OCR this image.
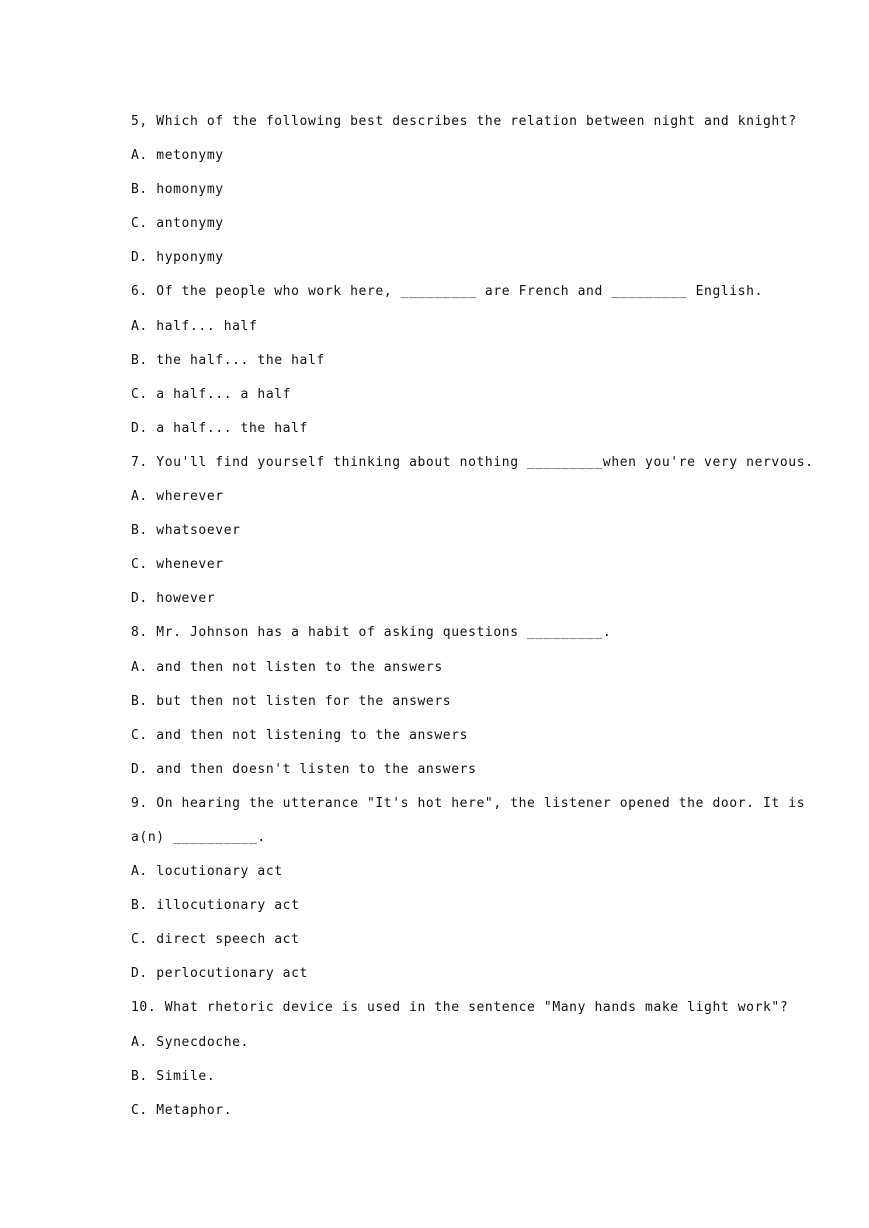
5, Which of the following best describes the relation between night and knight?
A. metonymy
B. homonymy
C. antonymy
D. hyponymy
6. Of the people who work here, _________ are French and _________ English.
A. half... half
B. the half... the half
C. a half... a half
D. a half... the half
7. You'll find yourself thinking about nothing _________when you're very nervous.
A. wherever
B. whatsoever
C. whenever
D. however
8. Mr. Johnson has a habit of asking questions _________.
A. and then not listen to the answers
B. but then not listen for the answers
C. and then not listening to the answers
D. and then doesn't listen to the answers
9. On hearing the utterance "It's hot here", the listener opened the door. It is
a(n) __________.
A. locutionary act
B. illocutionary act
C. direct speech act
D. perlocutionary act
10. What rhetoric device is used in the sentence "Many hands make light work"?
A. Synecdoche.
B. Simile.
C. Metaphor.
